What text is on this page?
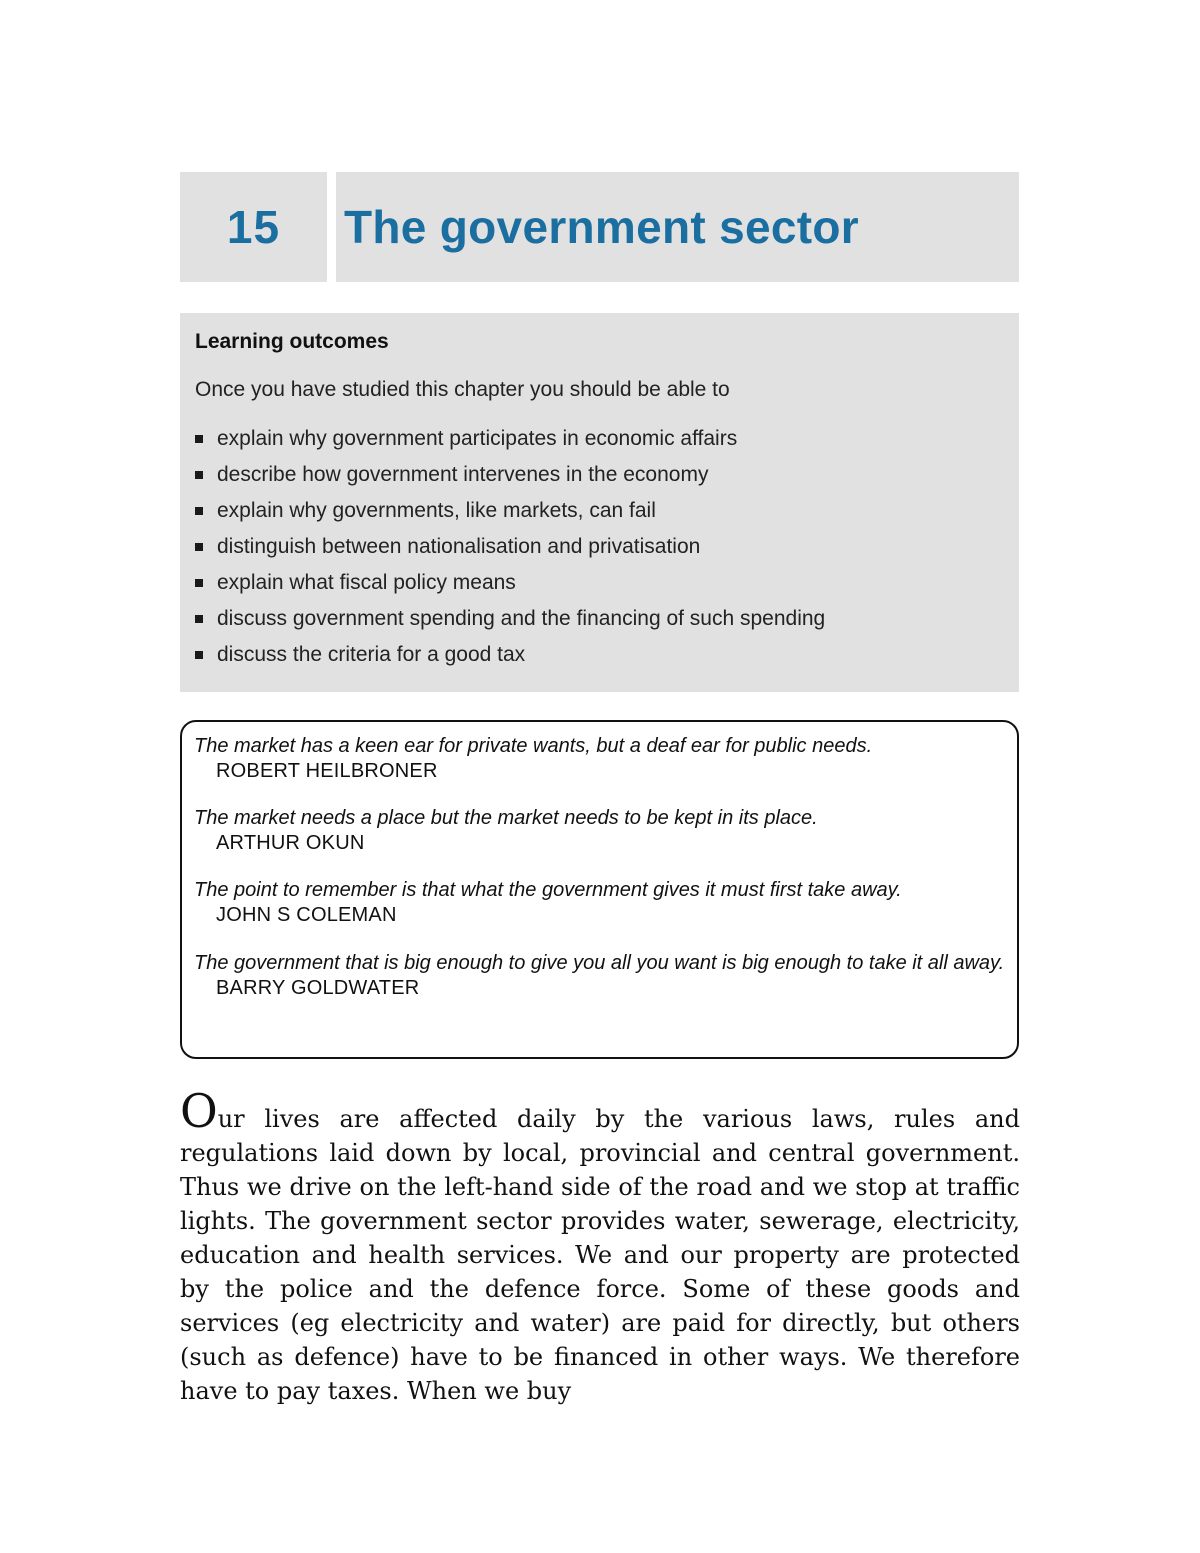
15 The government sector
Learning outcomes
Once you have studied this chapter you should be able to
explain why government participates in economic affairs
describe how government intervenes in the economy
explain why governments, like markets, can fail
distinguish between nationalisation and privatisation
explain what fiscal policy means
discuss government spending and the financing of such spending
discuss the criteria for a good tax
The market has a keen ear for private wants, but a deaf ear for public needs.
ROBERT HEILBRONER
The market needs a place but the market needs to be kept in its place.
ARTHUR OKUN
The point to remember is that what the government gives it must first take away.
JOHN S COLEMAN
The government that is big enough to give you all you want is big enough to take it all away.
BARRY GOLDWATER

Our lives are affected daily by the various laws, rules and regulations laid down by local, provincial and central government. Thus we drive on the left-hand side of the road and we stop at traffic lights. The government sector provides water, sewerage, electricity, education and health services. We and our property are protected by the police and the defence force. Some of these goods and services (eg electricity and water) are paid for directly, but others (such as defence) have to be financed in other ways. We therefore have to pay taxes. When we buy
